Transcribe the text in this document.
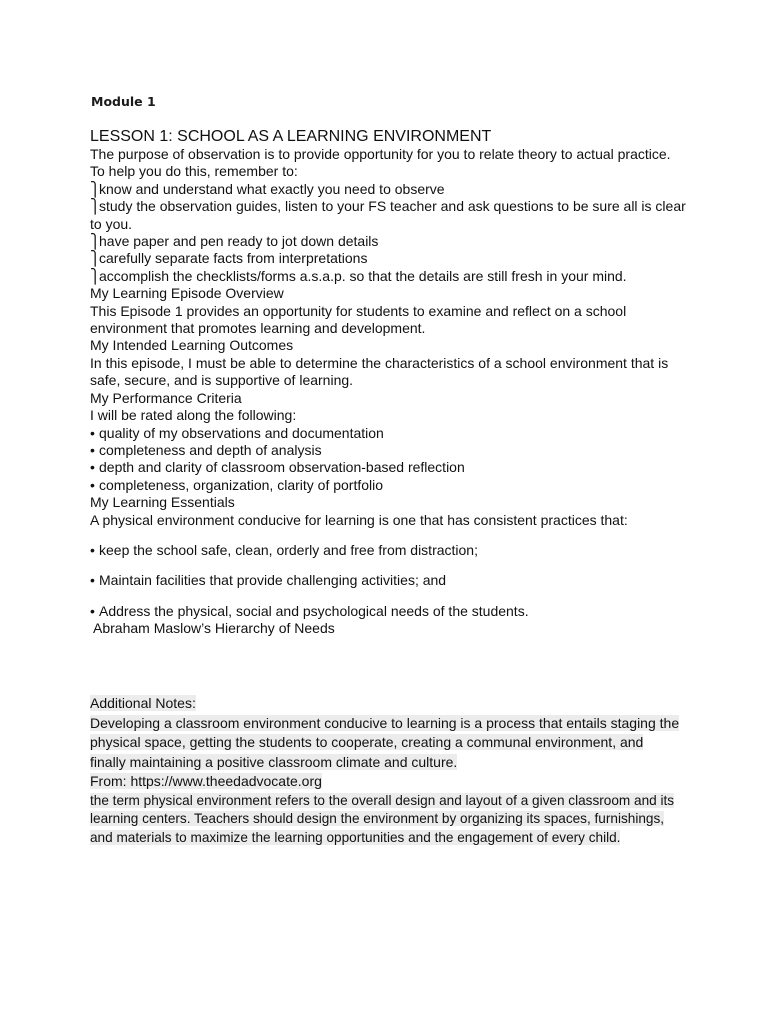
Module 1
LESSON 1: SCHOOL AS A LEARNING ENVIRONMENT
The purpose of observation is to provide opportunity for you to relate theory to actual practice.
To help you do this, remember to:
⎫know and understand what exactly you need to observe
⎫study the observation guides, listen to your FS teacher and ask questions to be sure all is clear to you.
⎫have paper and pen ready to jot down details
⎫carefully separate facts from interpretations
⎫accomplish the checklists/forms a.s.a.p. so that the details are still fresh in your mind.
My Learning Episode Overview
This Episode 1 provides an opportunity for students to examine and reflect on a school environment that promotes learning and development.
My Intended Learning Outcomes
In this episode, I must be able to determine the characteristics of a school environment that is safe, secure, and is supportive of learning.
My Performance Criteria
I will be rated along the following:
• quality of my observations and documentation
• completeness and depth of analysis
• depth and clarity of classroom observation-based reflection
• completeness, organization, clarity of portfolio
My Learning Essentials
A physical environment conducive for learning is one that has consistent practices that:
• keep the school safe, clean, orderly and free from distraction;
• Maintain facilities that provide challenging activities; and
• Address the physical, social and psychological needs of the students.
Abraham Maslow’s Hierarchy of Needs
Additional Notes:
Developing a classroom environment conducive to learning is a process that entails staging the physical space, getting the students to cooperate, creating a communal environment, and
finally maintaining a positive classroom climate and culture.
From: https://www.theedadvocate.org
the term physical environment refers to the overall design and layout of a given classroom and its learning centers. Teachers should design the environment by organizing its spaces, furnishings, and materials to maximize the learning opportunities and the engagement of every child.
